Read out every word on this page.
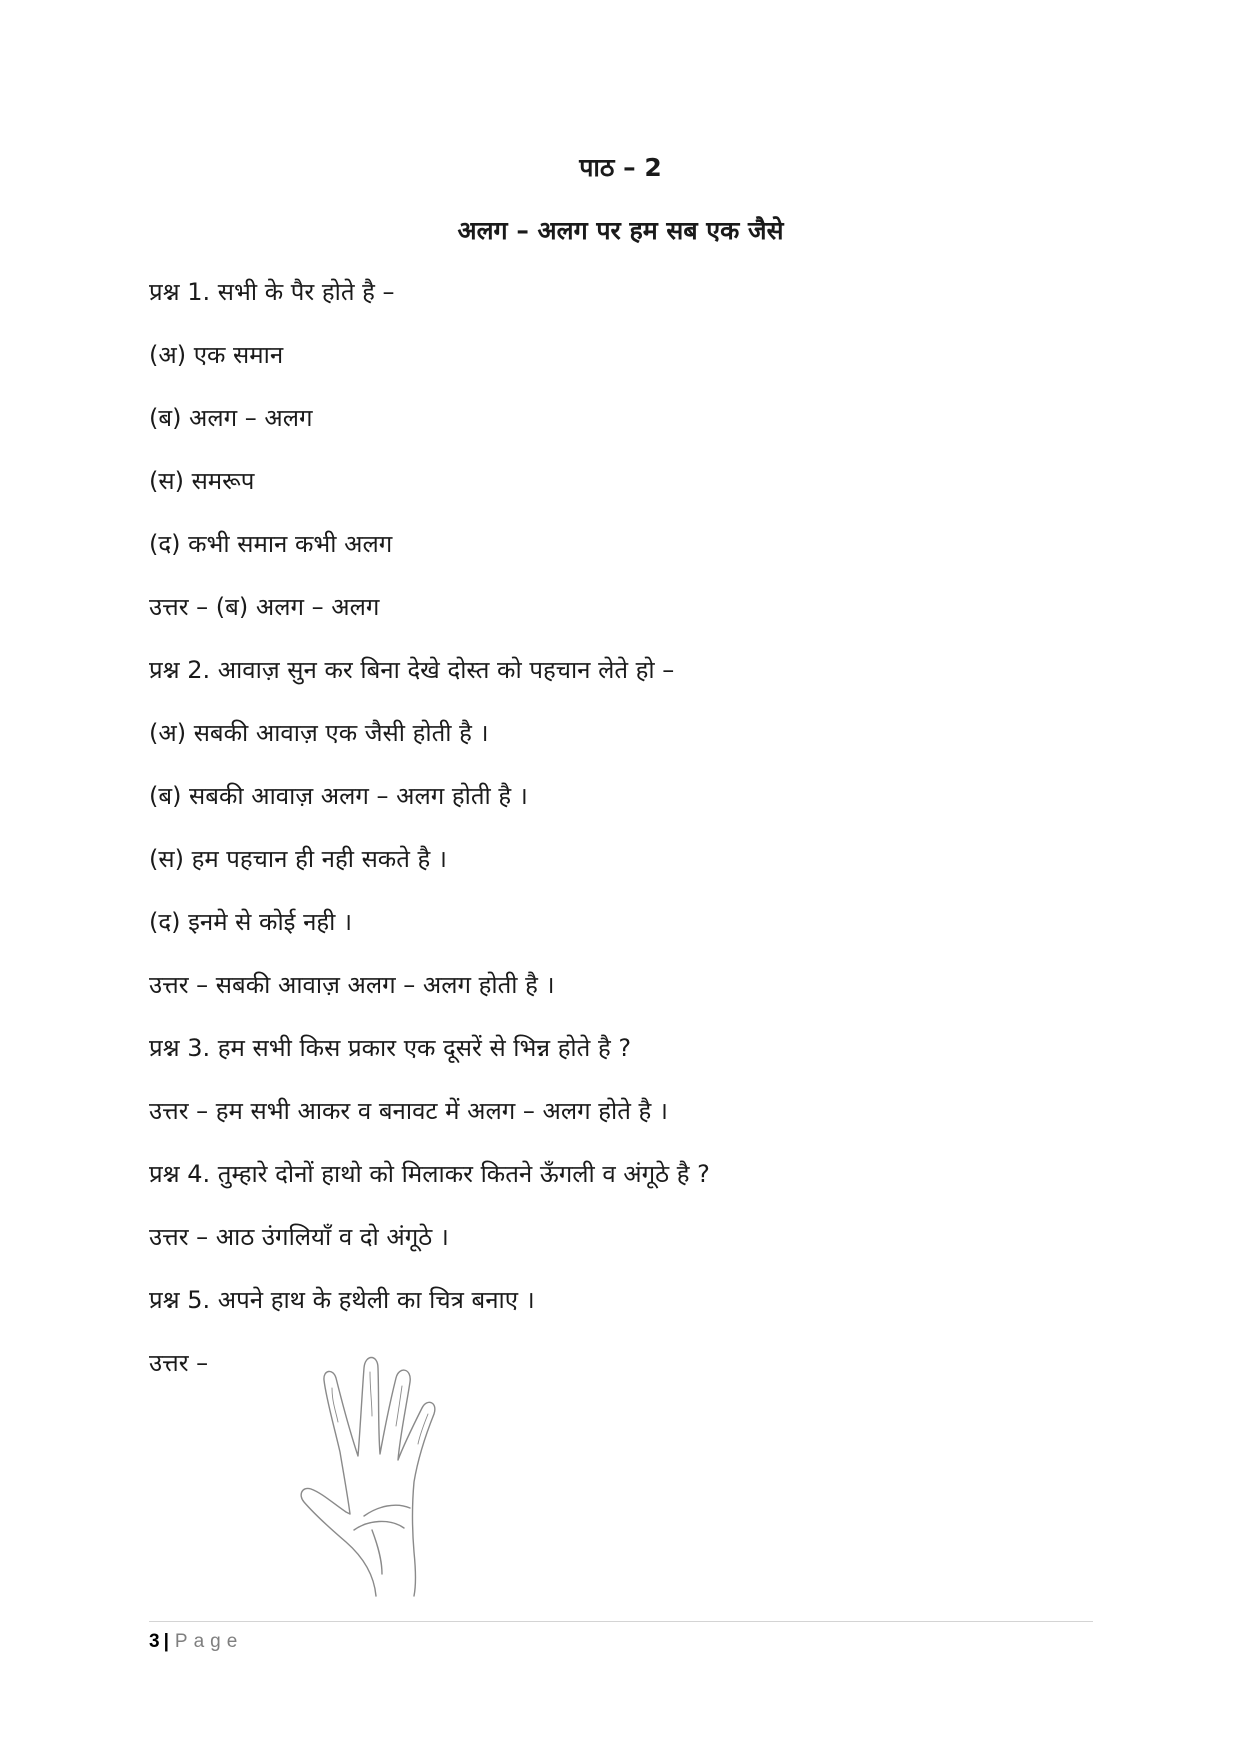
पाठ – 2
अलग – अलग पर हम सब एक जैसे

प्रश्न 1. सभी के पैर होते है –

(अ) एक समान

(ब) अलग – अलग

(स) समरूप

(द) कभी समान कभी अलग

उत्तर – (ब) अलग – अलग

प्रश्न 2. आवाज़ सुन कर बिना देखे दोस्त को पहचान लेते हो –

(अ) सबकी आवाज़ एक जैसी होती है ।

(ब) सबकी आवाज़ अलग – अलग होती है ।

(स) हम पहचान ही नही सकते है ।

(द) इनमे से कोई नही ।

उत्तर – सबकी आवाज़ अलग – अलग होती है ।

प्रश्न 3. हम सभी किस प्रकार एक दूसरें से भिन्न होते है ?

उत्तर – हम सभी आकर व बनावट में अलग – अलग होते है ।

प्रश्न 4. तुम्हारे दोनों हाथो को मिलाकर कितने ऊँगली व अंगूठे है ?

उत्तर – आठ उंगलियाँ व दो अंगूठे ।

प्रश्न 5. अपने हाथ के हथेली का चित्र बनाए ।

उत्तर –

3 | Page
